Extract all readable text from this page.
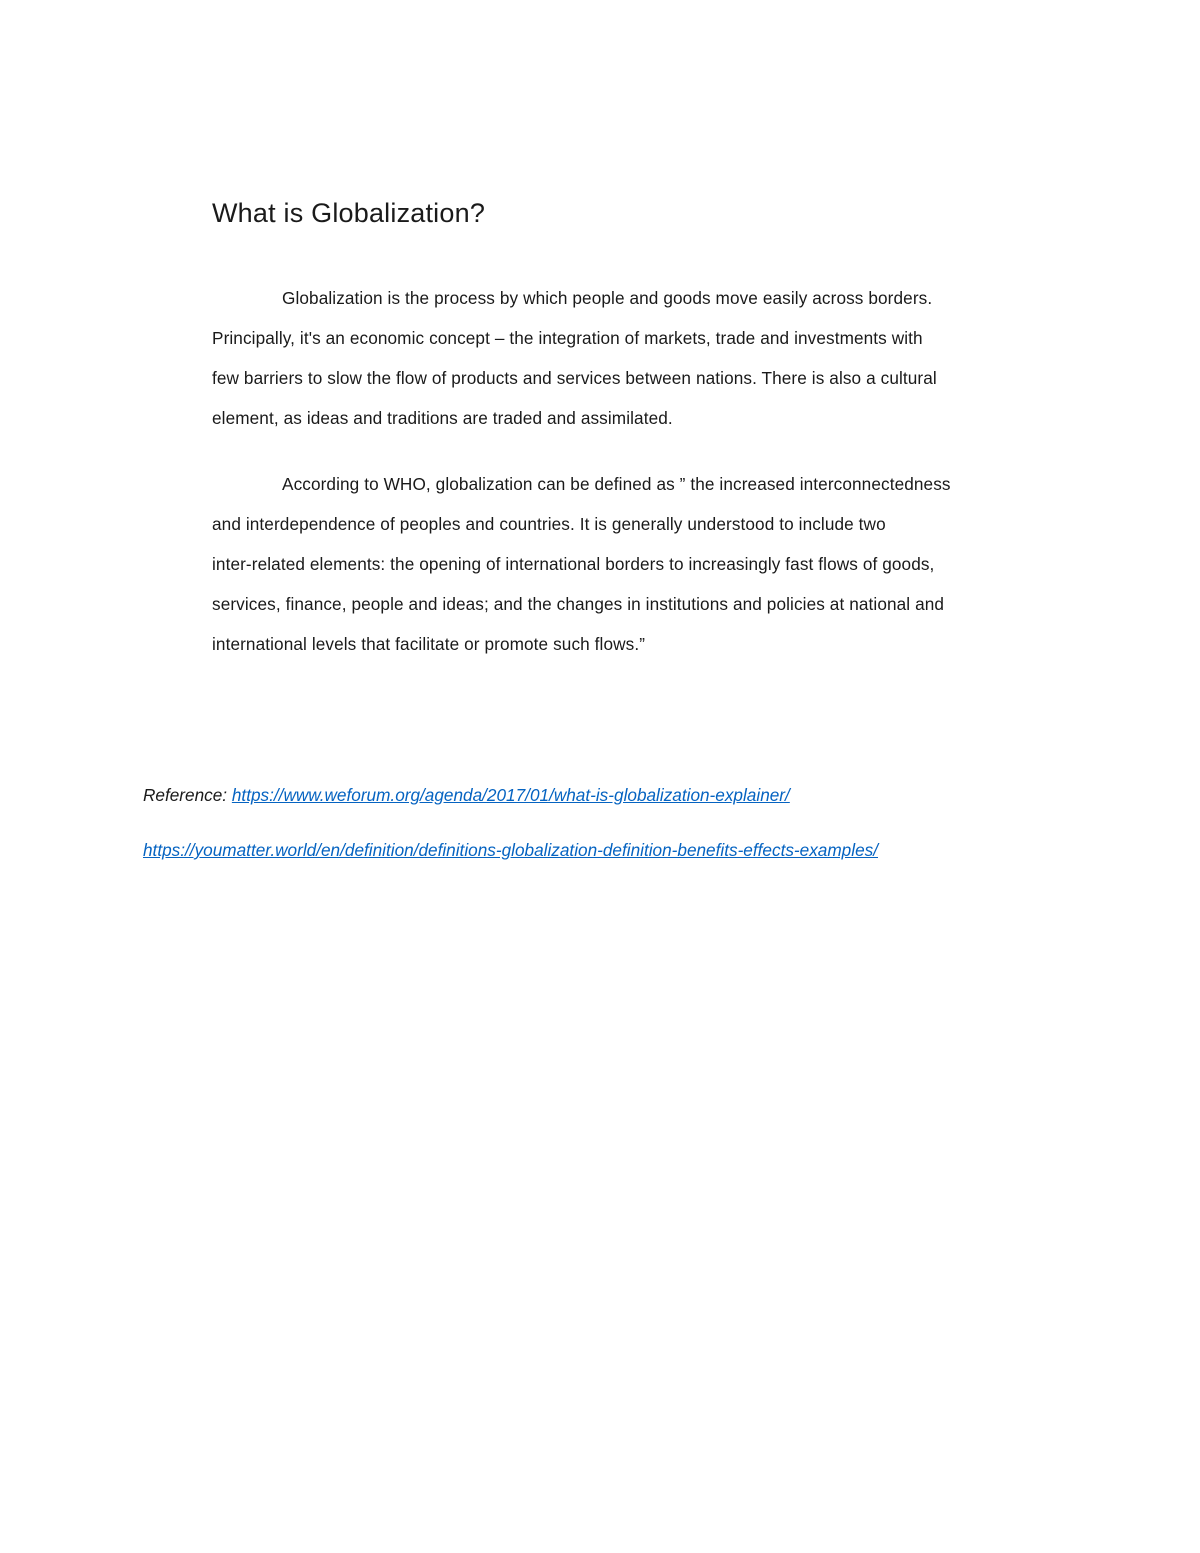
What is Globalization?

Globalization is the process by which people and goods move easily across borders.
Principally, it's an economic concept – the integration of markets, trade and investments with
few barriers to slow the flow of products and services between nations. There is also a cultural
element, as ideas and traditions are traded and assimilated.

According to WHO, globalization can be defined as ” the increased interconnectedness
and interdependence of peoples and countries. It is generally understood to include two
inter-related elements: the opening of international borders to increasingly fast flows of goods,
services, finance, people and ideas; and the changes in institutions and policies at national and
international levels that facilitate or promote such flows.”

Reference: https://www.weforum.org/agenda/2017/01/what-is-globalization-explainer/
https://youmatter.world/en/definition/definitions-globalization-definition-benefits-effects-examples/
